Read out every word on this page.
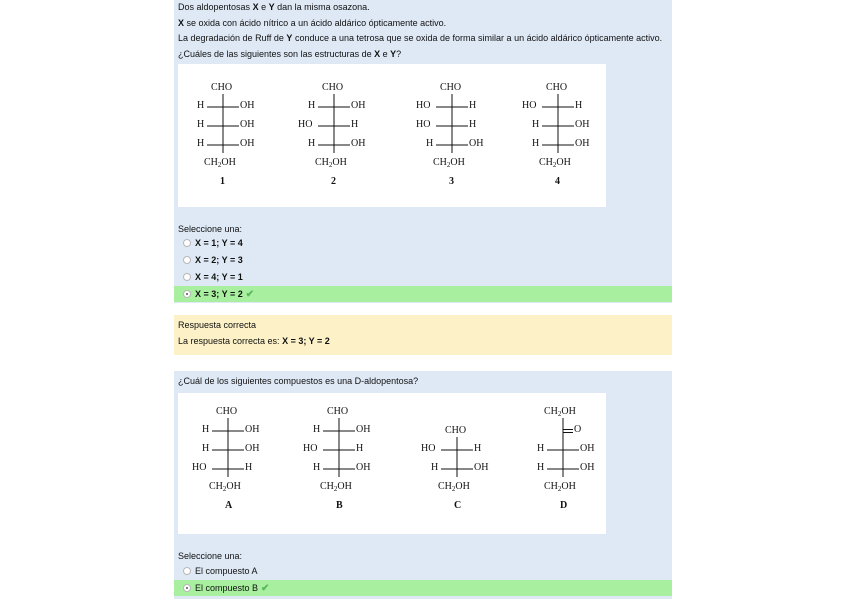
Dos aldopentosas X e Y dan la misma osazona.
X se oxida con ácido nítrico a un ácido aldárico ópticamente activo.
La degradación de Ruff de Y conduce a una tetrosa que se oxida de forma similar a un ácido aldárico ópticamente activo.
¿Cuáles de las siguientes son las estructuras de X e Y?
CHO
H	OH
H	OH
H	OH
$CH_2OH$
1
CHO
H	OH
HO	H
H	OH
$CH_2OH$
2
CHO
HO	H
HO	H
H	OH
$CH_2OH$
3
CHO
HO	H
H	OH
H	OH
$CH_2OH$
4
Seleccione una:
X = 1; Y = 4
X = 2; Y = 3
X = 4; Y = 1
X = 3; Y = 2 ✔
Respuesta correcta
La respuesta correcta es: X = 3; Y = 2
¿Cuál de los siguientes compuestos es una D-aldopentosa?
CHO
H	OH
H	OH
HO	H
$CH_2OH$
A
CHO
H	OH
HO	H
H	OH
$CH_2OH$
B
CHO
HO	H
H	OH
$CH_2OH$
C
$CH_2OH$
O
H	OH
H	OH
$CH_2OH$
D
Seleccione una:
El compuesto A
El compuesto B ✔
